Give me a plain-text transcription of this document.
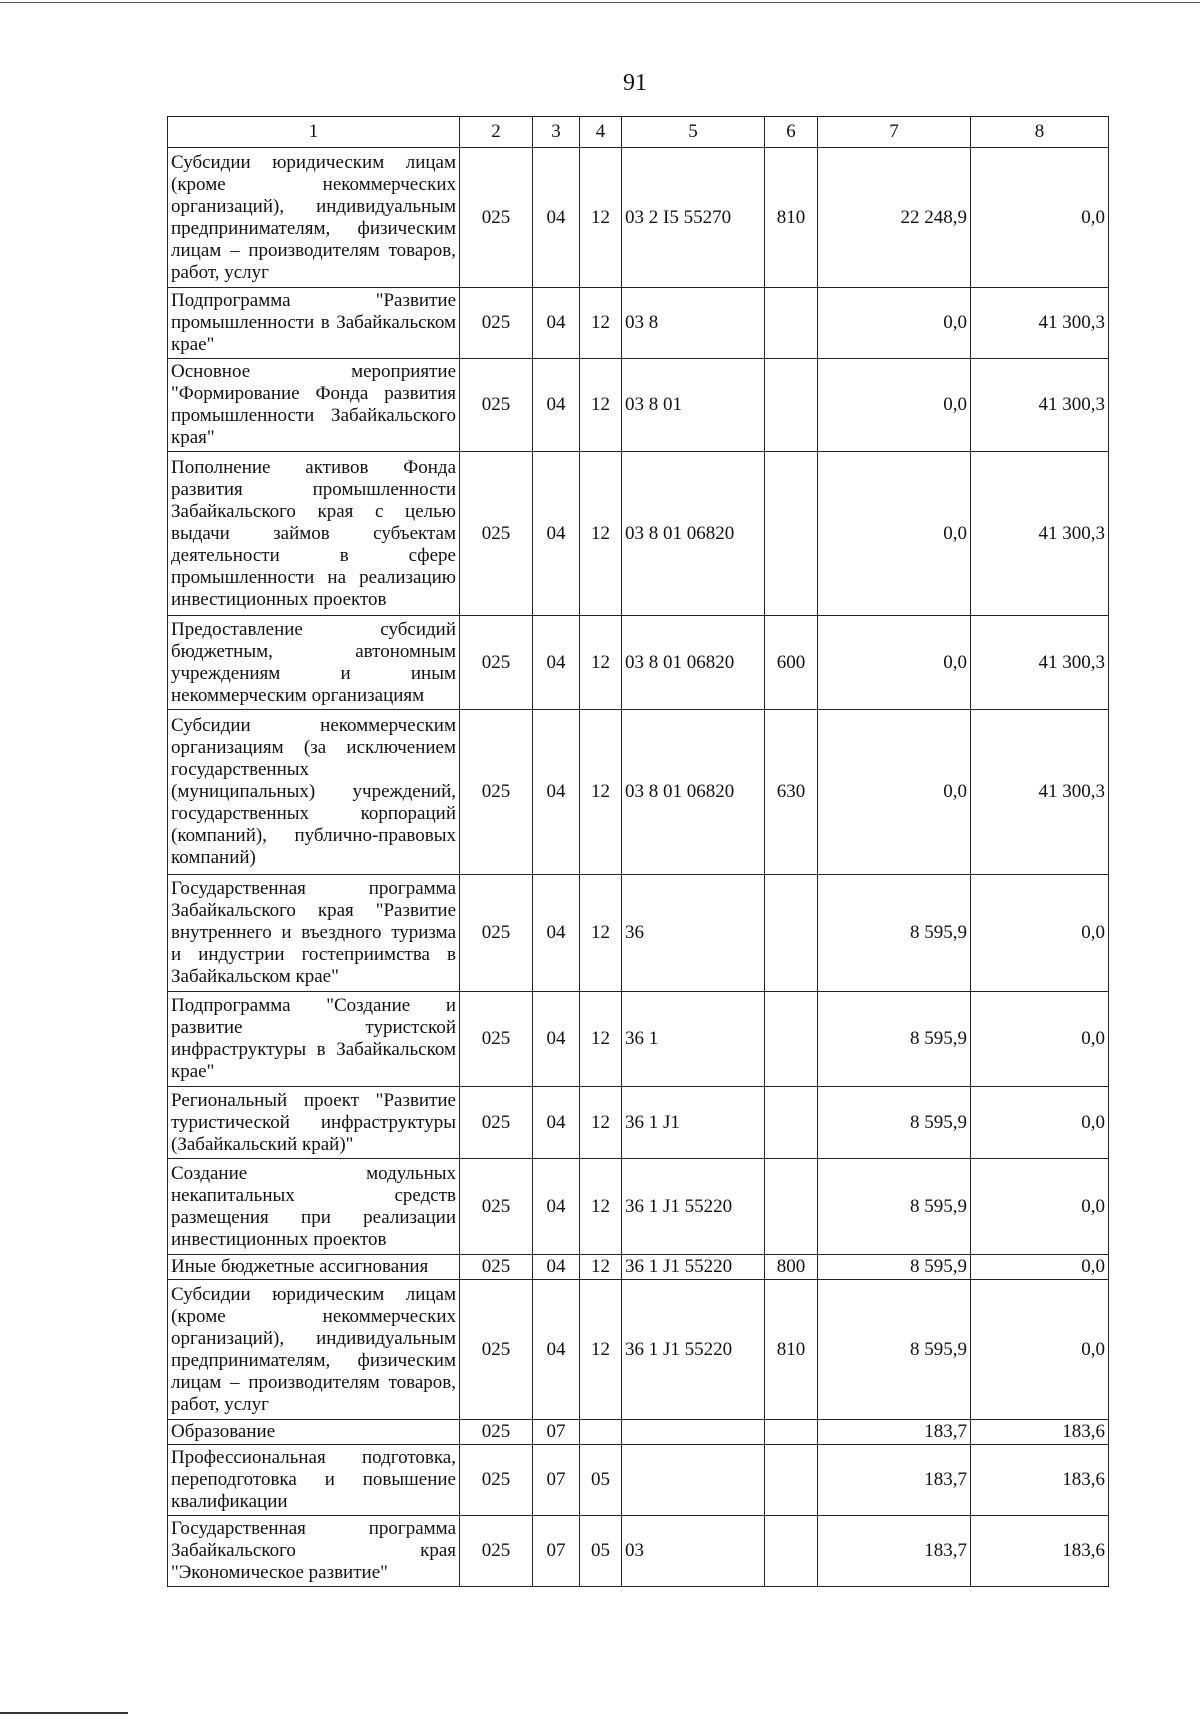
91
1	2	3	4	5	6	7	8
Субсидии юридическим лицам (кроме некоммерческих организаций), индивидуальным предпринимателям, физическим лицам – производителям товаров, работ, услуг	025	04	12	03 2 I5 55270	810	22 248,9	0,0
Подпрограмма "Развитие промышленности в Забайкальском крае"	025	04	12	03 8		0,0	41 300,3
Основное мероприятие "Формирование Фонда развития промышленности Забайкальского края"	025	04	12	03 8 01		0,0	41 300,3
Пополнение активов Фонда развития промышленности Забайкальского края с целью выдачи займов субъектам деятельности в сфере промышленности на реализацию инвестиционных проектов	025	04	12	03 8 01 06820		0,0	41 300,3
Предоставление субсидий бюджетным, автономным учреждениям и иным некоммерческим организациям	025	04	12	03 8 01 06820	600	0,0	41 300,3
Субсидии некоммерческим организациям (за исключением государственных (муниципальных) учреждений, государственных корпораций (компаний), публично-правовых компаний)	025	04	12	03 8 01 06820	630	0,0	41 300,3
Государственная программа Забайкальского края "Развитие внутреннего и въездного туризма и индустрии гостеприимства в Забайкальском крае"	025	04	12	36		8 595,9	0,0
Подпрограмма "Создание и развитие туристской инфраструктуры в Забайкальском крае"	025	04	12	36 1		8 595,9	0,0
Региональный проект "Развитие туристической инфраструктуры (Забайкальский край)"	025	04	12	36 1 J1		8 595,9	0,0
Создание модульных некапитальных средств размещения при реализации инвестиционных проектов	025	04	12	36 1 J1 55220		8 595,9	0,0
Иные бюджетные ассигнования	025	04	12	36 1 J1 55220	800	8 595,9	0,0
Субсидии юридическим лицам (кроме некоммерческих организаций), индивидуальным предпринимателям, физическим лицам – производителям товаров, работ, услуг	025	04	12	36 1 J1 55220	810	8 595,9	0,0
Образование	025	07				183,7	183,6
Профессиональная подготовка, переподготовка и повышение квалификации	025	07	05			183,7	183,6
Государственная программа Забайкальского края "Экономическое развитие"	025	07	05	03		183,7	183,6
